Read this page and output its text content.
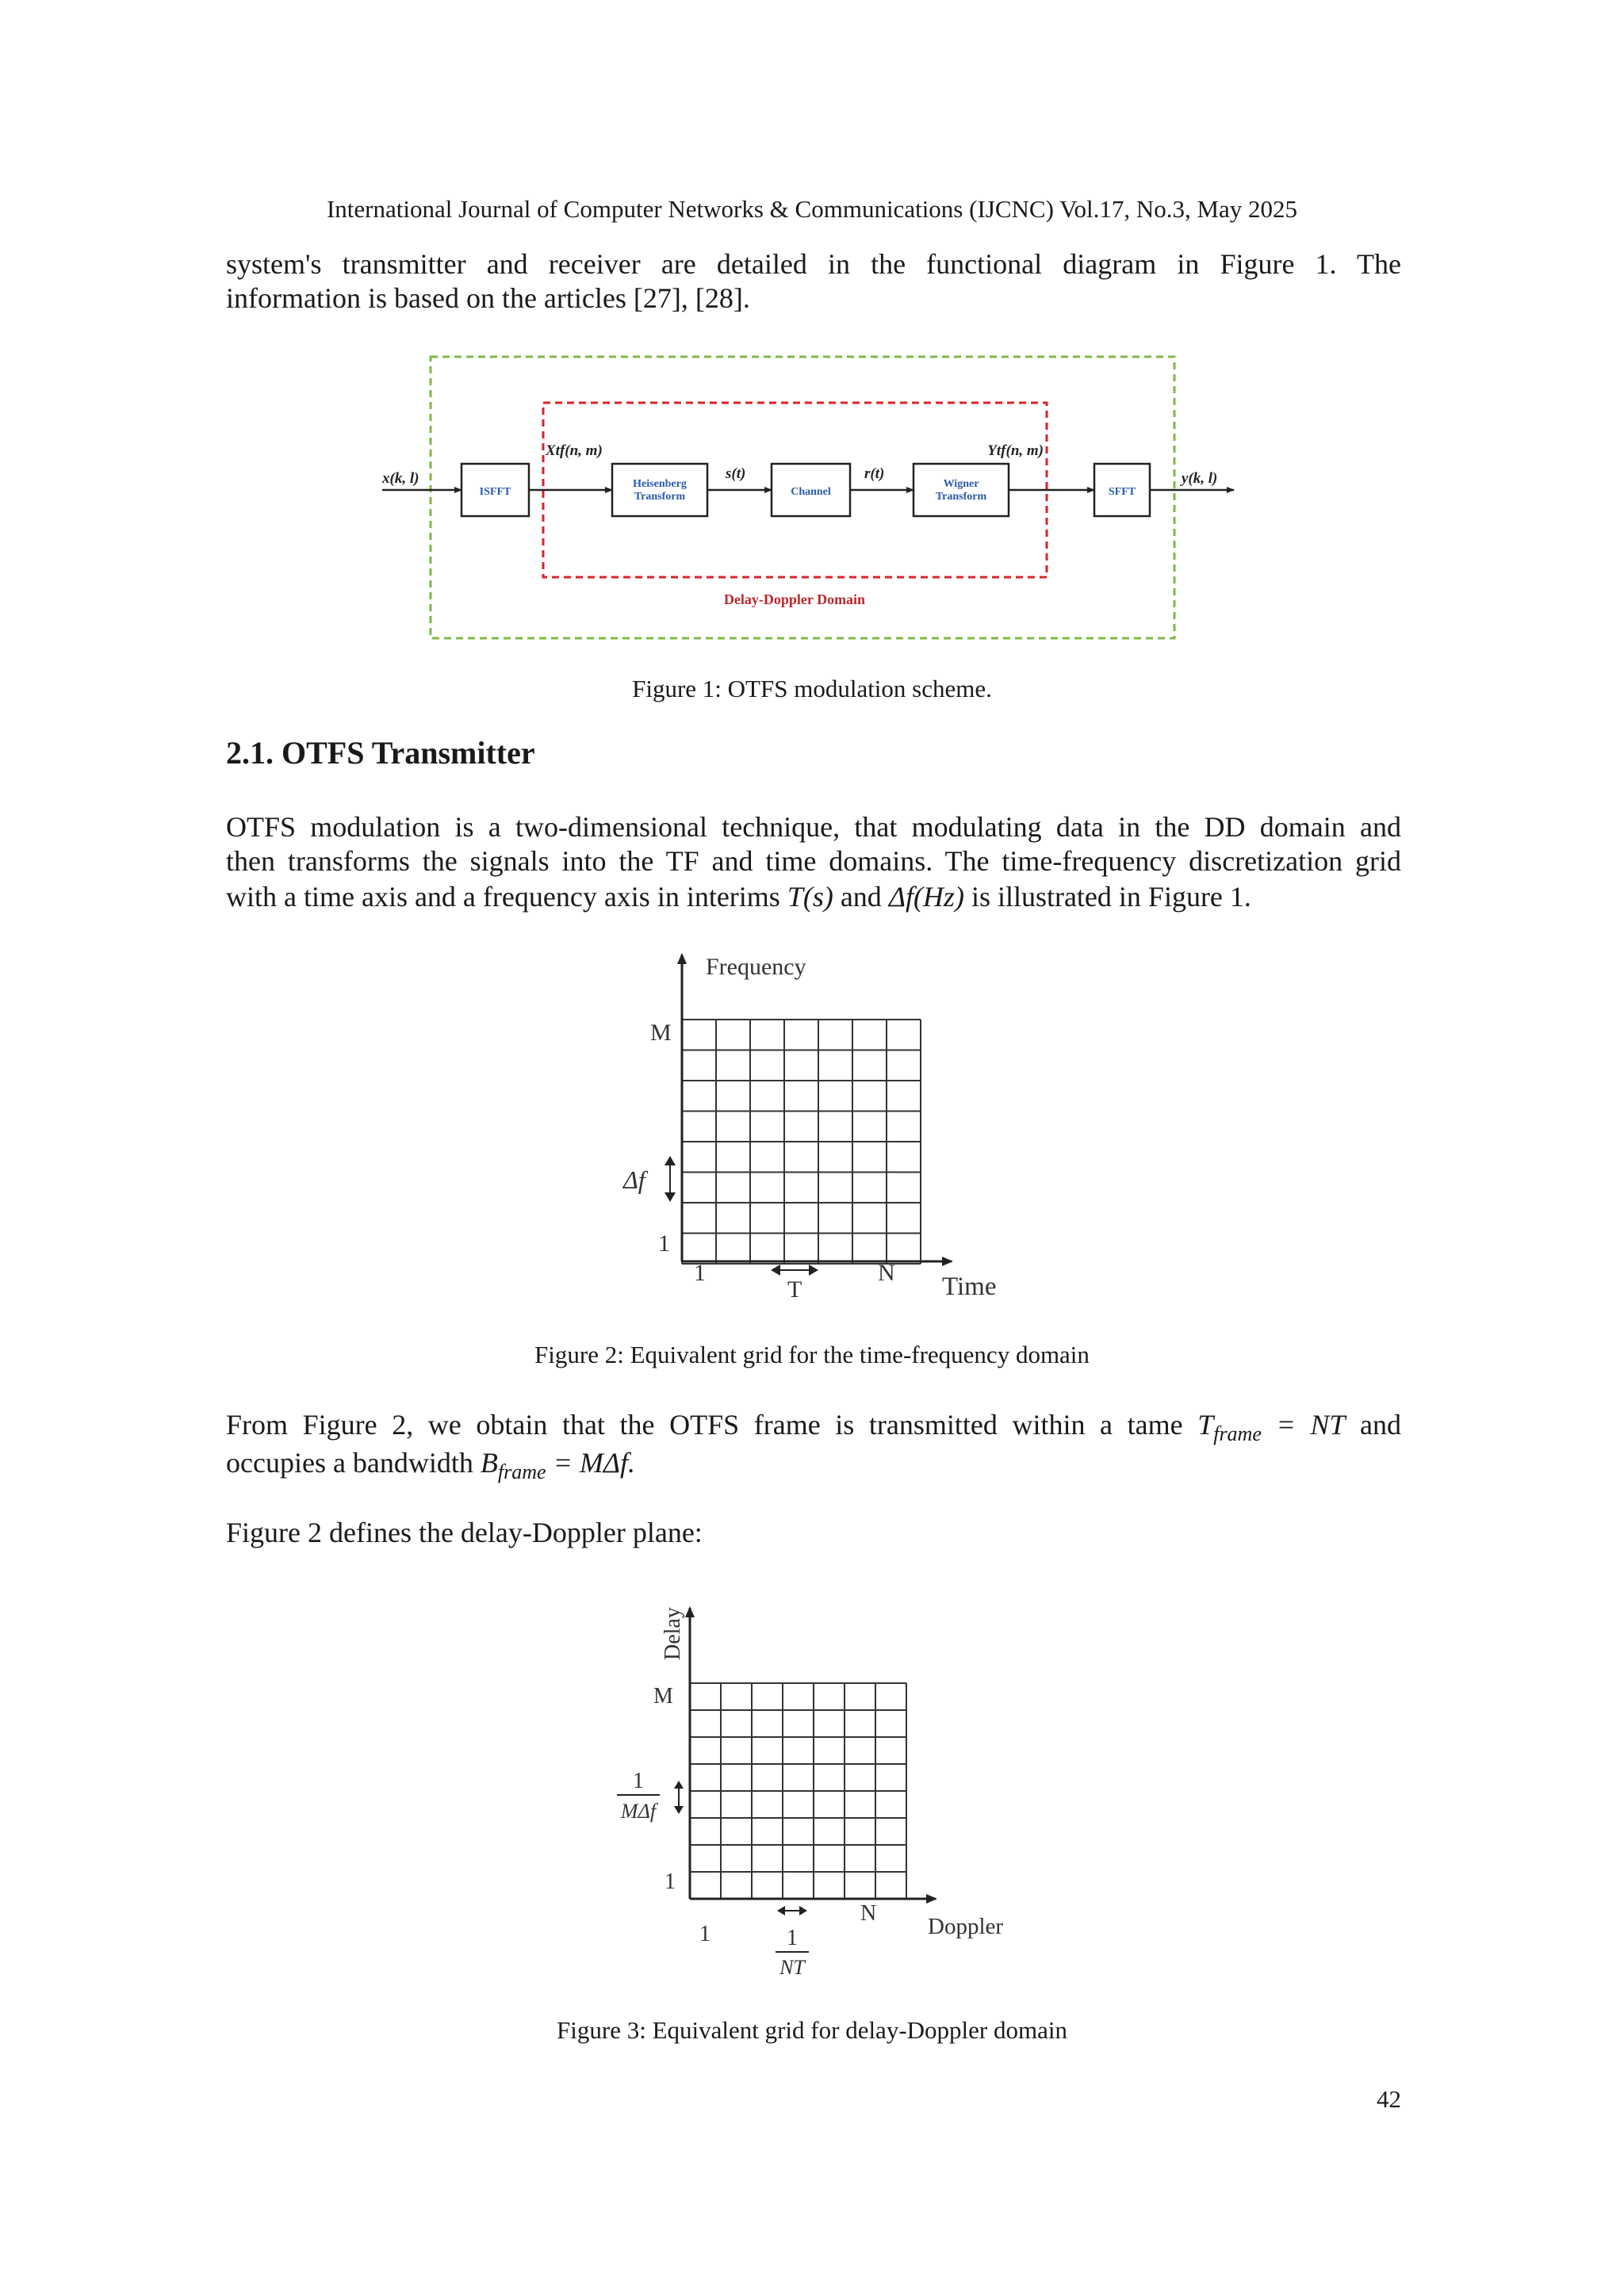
International Journal of Computer Networks & Communications (IJCNC) Vol.17, No.3, May 2025
system's transmitter and receiver are detailed in the functional diagram in Figure 1. The
information is based on the articles [27], [28].
ISFFT
Heisenberg
Transform	Channel
Wigner
Transform	SFFT
x(k, l)
Xtf(n, m)
s(t)	r(t)
Ytf(n, m)
y(k, l)
Delay-Doppler Domain
Figure 1: OTFS modulation scheme.
2.1. OTFS Transmitter
OTFS modulation is a two-dimensional technique, that modulating data in the DD domain and
then transforms the signals into the TF and time domains. The time-frequency discretization grid
with a time axis and a frequency axis in interims T(s) and Δf(Hz) is illustrated in Figure 1.
Frequency
Time
M
Δf
1
1
T
N
Figure 2: Equivalent grid for the time-frequency domain
From Figure 2, we obtain that the OTFS frame is transmitted within a tame $T_{frame}$ = NT and
occupies a bandwidth $B_{frame} = M\Delta f$.
Figure 2 defines the delay-Doppler plane:
Delay
Doppler
M
1
1
N
1
MΔf
1
NT
Figure 3: Equivalent grid for delay-Doppler domain
42
